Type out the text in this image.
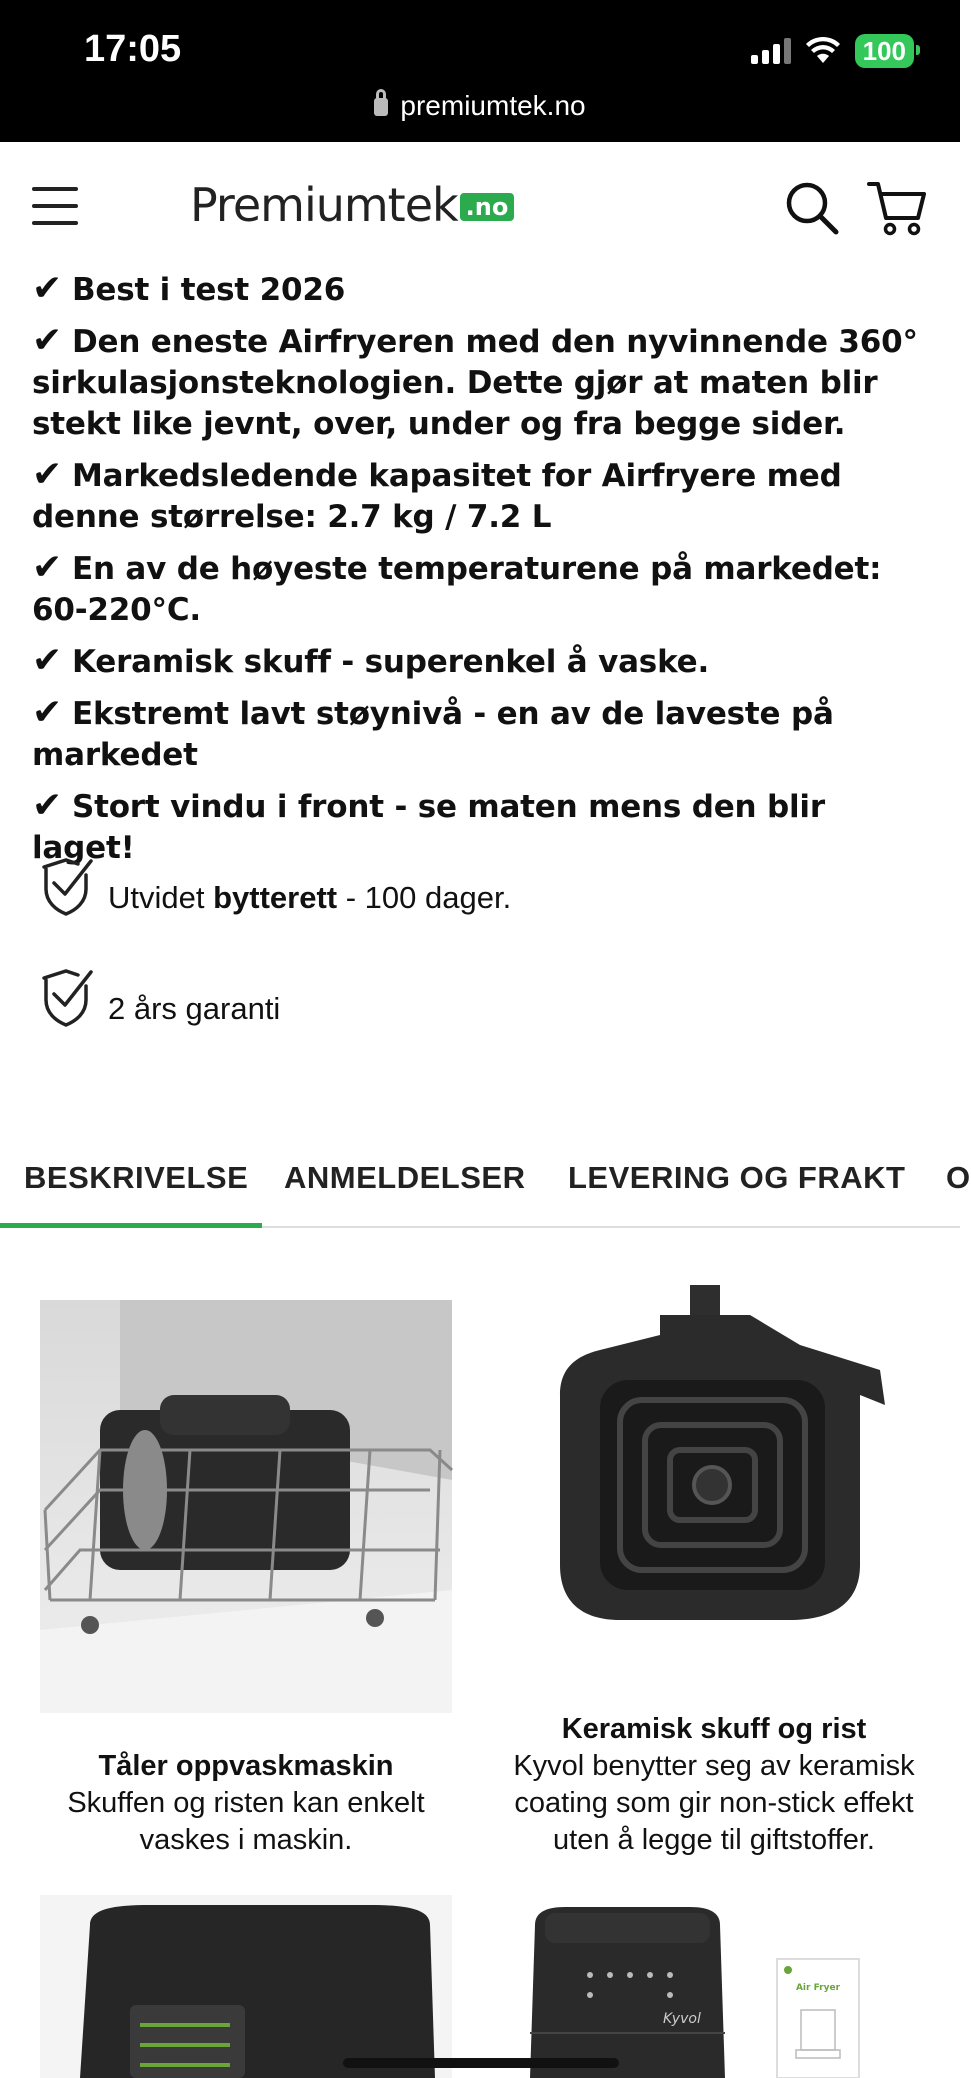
17:05	100
premiumtek.no
Premiumtek .no
✔ Best i test 2026
✔ Den eneste Airfryeren med den nyvinnende 360° sirkulasjonsteknologien. Dette gjør at maten blir stekt like jevnt, over, under og fra begge sider.
✔ Markedsledende kapasitet for Airfryere med denne størrelse: 2.7 kg / 7.2 L
✔ En av de høyeste temperaturene på markedet: 60-220°C.
✔ Keramisk skuff - superenkel å vaske.
✔ Ekstremt lavt støynivå - en av de laveste på markedet
✔ Stort vindu i front - se maten mens den blir laget!
Utvidet bytterett - 100 dager.
2 års garanti
BESKRIVELSE ANMELDELSER LEVERING OG FRAKT O
Tåler oppvaskmaskin
Skuffen og risten kan enkelt vaskes i maskin.
Keramisk skuff og rist
Kyvol benytter seg av keramisk coating som gir non-stick effekt uten å legge til giftstoffer.
Kyvol
Air Fryer
